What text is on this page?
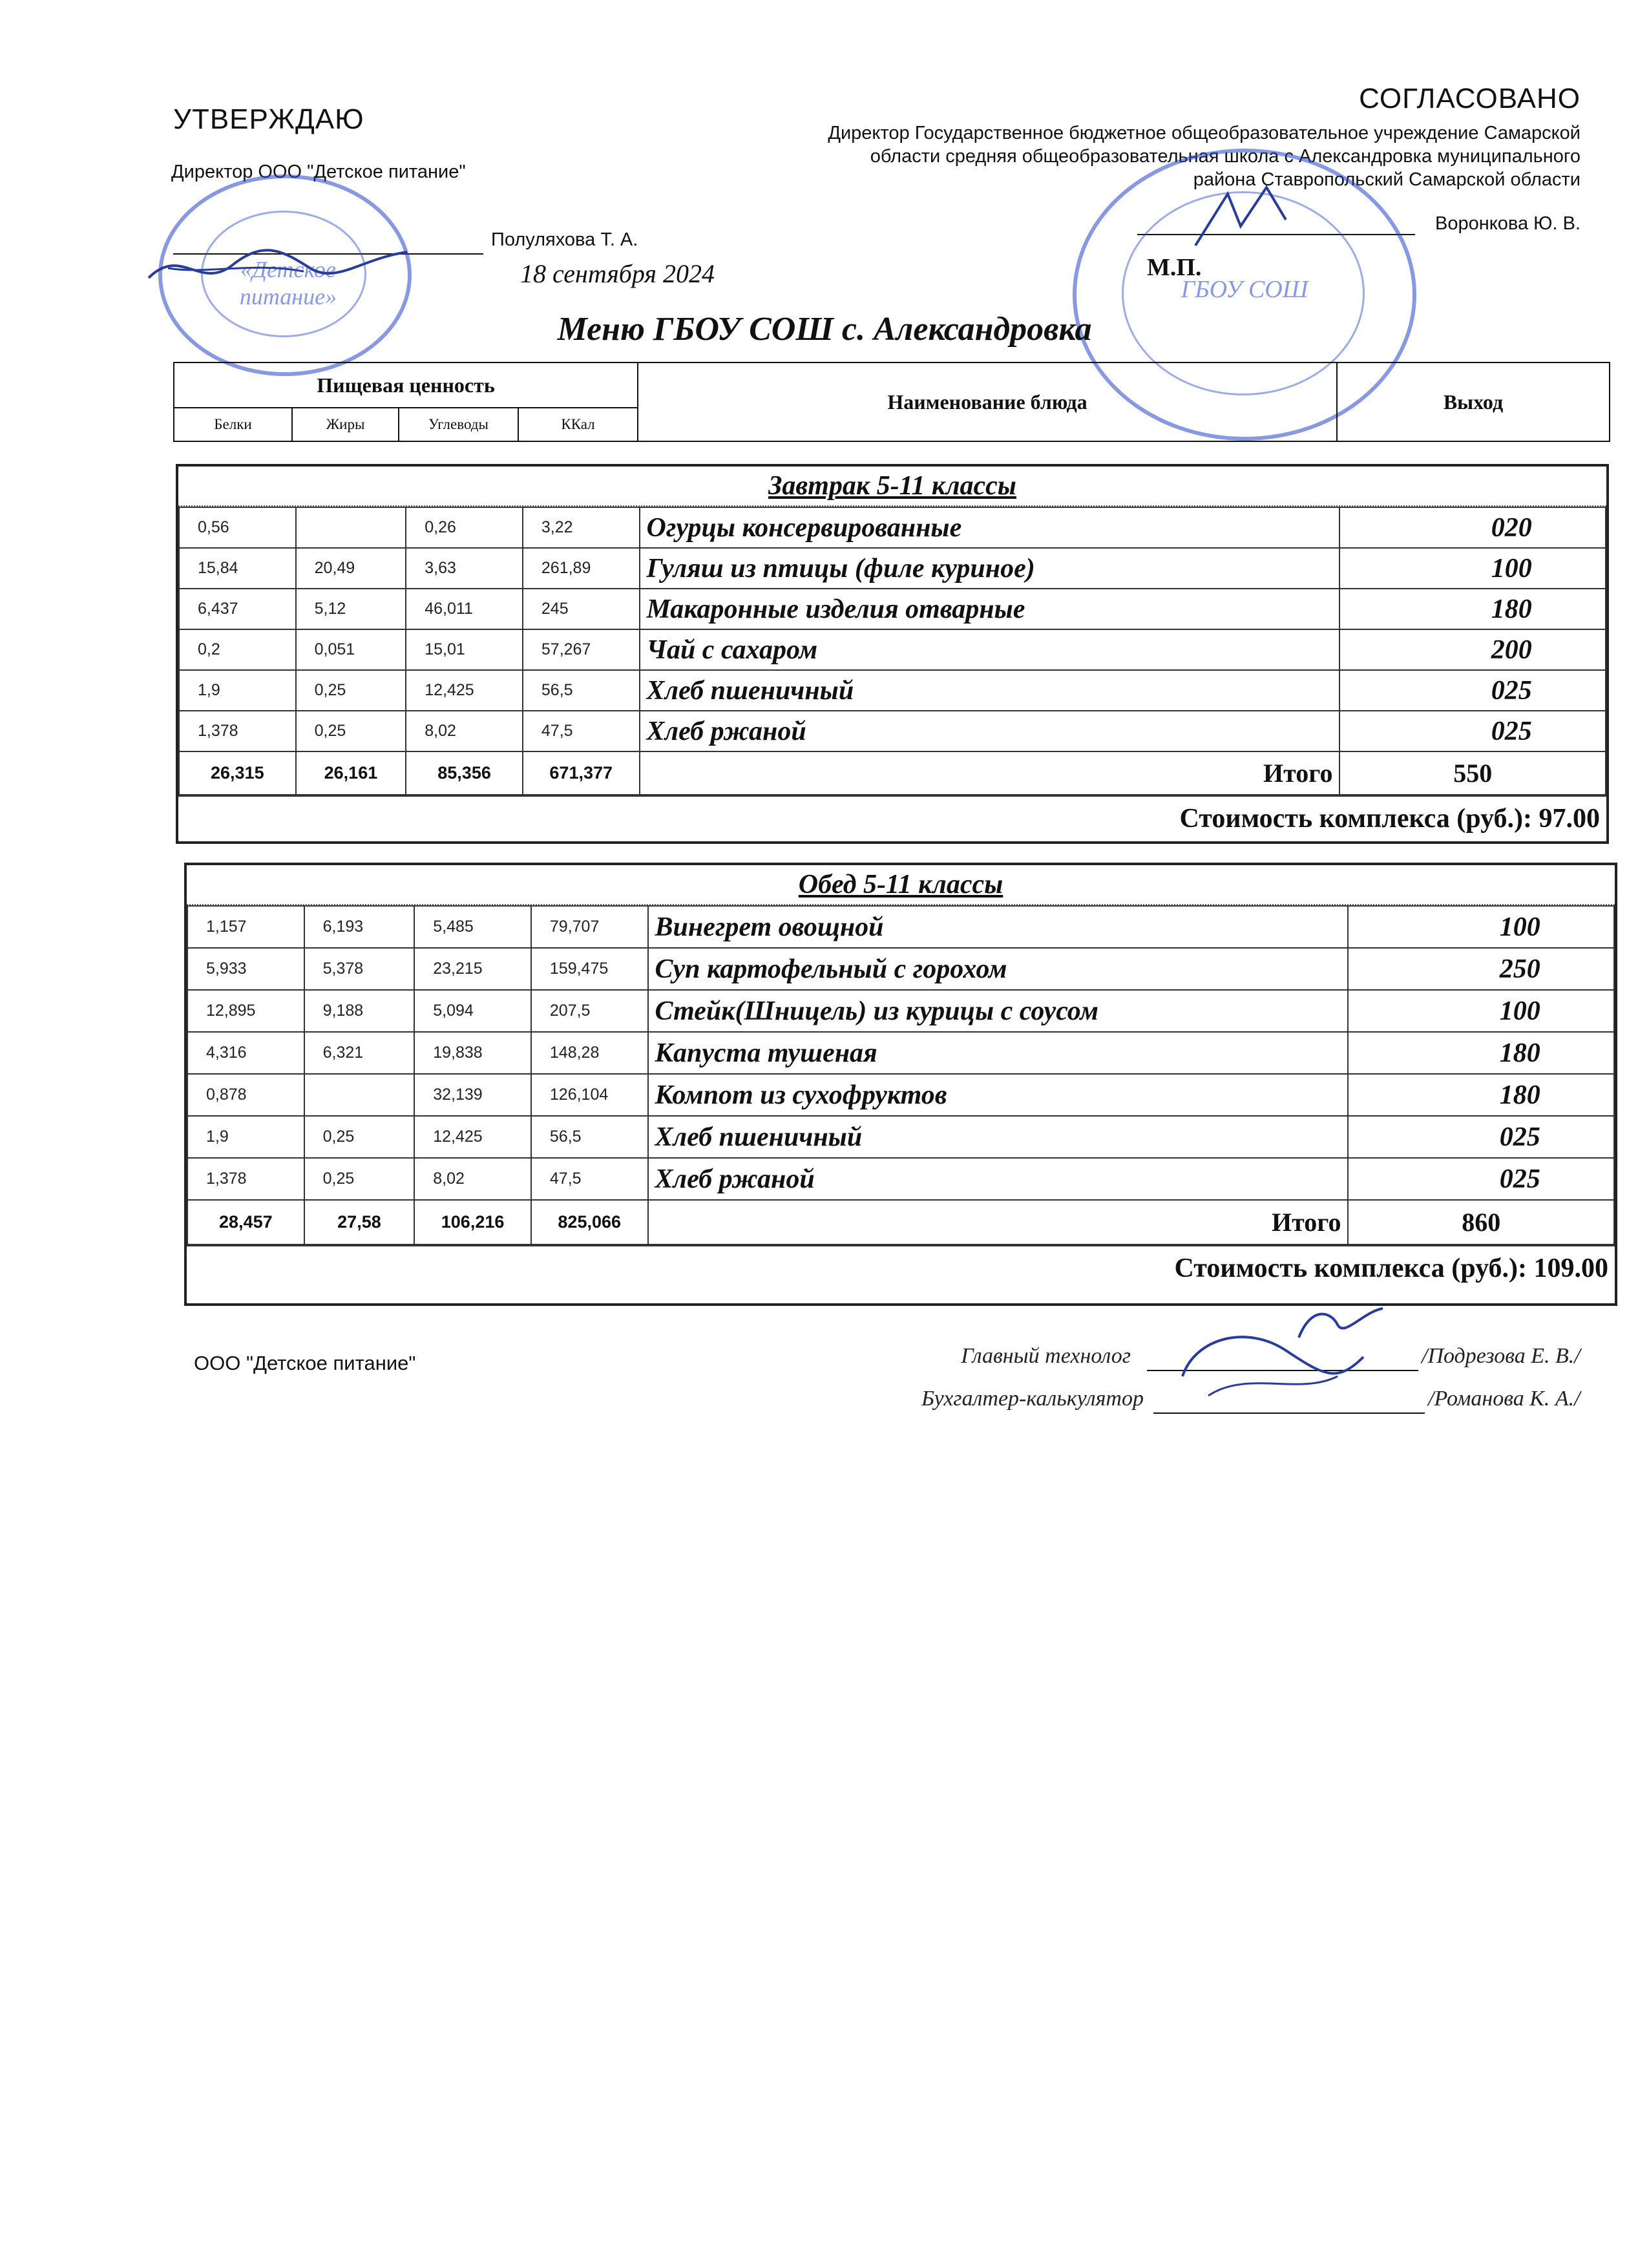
УТВЕРЖДАЮ
Директор ООО "Детское питание"
Полуляхова Т. А.
18 сентября 2024
«Детское питание»
СОГЛАСОВАНО
Директор Государственное бюджетное общеобразовательное учреждение Самарской
области средняя общеобразовательная школа с Александровка муниципального
района Ставропольский Самарской области
Воронкова Ю. В.
М.П.
ГБОУ СОШ
Меню ГБОУ СОШ с. Александровка
Пищевая ценность				Наименование блюда	Выход
Белки	Жиры	Углеводы	ККал		
Завтрак 5-11 классы
0,56		0,26	3,22	Огурцы консервированные	020
15,84	20,49	3,63	261,89	Гуляш из птицы (филе куриное)	100
6,437	5,12	46,011	245	Макаронные изделия отварные	180
0,2	0,051	15,01	57,267	Чай с сахаром	200
1,9	0,25	12,425	56,5	Хлеб пшеничный	025
1,378	0,25	8,02	47,5	Хлеб ржаной	025
26,315	26,161	85,356	671,377	Итого	550
Стоимость комплекса (руб.): 97.00
Обед 5-11 классы
1,157	6,193	5,485	79,707	Винегрет овощной	100
5,933	5,378	23,215	159,475	Суп картофельный с горохом	250
12,895	9,188	5,094	207,5	Стейк(Шницель) из курицы с соусом	100
4,316	6,321	19,838	148,28	Капуста тушеная	180
0,878		32,139	126,104	Компот из сухофруктов	180
1,9	0,25	12,425	56,5	Хлеб пшеничный	025
1,378	0,25	8,02	47,5	Хлеб ржаной	025
28,457	27,58	106,216	825,066	Итого	860
Стоимость комплекса (руб.): 109.00
ООО "Детское питание"	Главный технолог	/Подрезова Е. В./
Бухгалтер-калькулятор	/Романова К. А./
